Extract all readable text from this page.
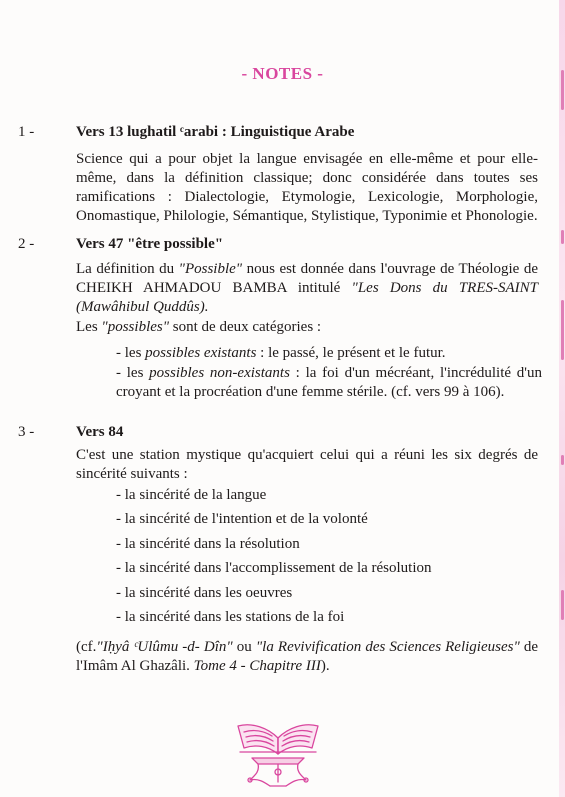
- NOTES -
1 -	Vers 13 lughatil ᶜarabi : Linguistique Arabe

Science qui a pour objet la langue envisagée en elle-même et pour elle-même, dans la définition classique; donc considérée dans toutes ses ramifications : Dialectologie, Etymologie, Lexicologie, Morphologie, Onomastique, Philologie, Sémantique, Stylistique, Typonimie et Phonologie.

2 -	Vers 47 "être possible"

La définition du "Possible" nous est donnée dans l'ouvrage de Théologie de CHEIKH AHMADOU BAMBA intitulé "Les Dons du TRES-SAINT (Mawâhibul Quddûs).

Les "possibles" sont de deux catégories :

- les possibles existants : le passé, le présent et le futur.

- les possibles non-existants : la foi d'un mécréant, l'incrédulité d'un croyant et la procréation d'une femme stérile. (cf. vers 99 à 106).

3 -	Vers 84

C'est une station mystique qu'acquiert celui qui a réuni les six degrés de sincérité suivants :

- la sincérité de la langue

- la sincérité de l'intention et de la volonté

- la sincérité dans la résolution

- la sincérité dans l'accomplissement de la résolution

- la sincérité dans les oeuvres

- la sincérité dans les stations de la foi

(cf."Iḥyâ ᶜUlûmu -d- Dîn" ou "la Revivification des Sciences Religieuses" de l'Imâm Al Ghazâli. Tome 4 - Chapitre III).
